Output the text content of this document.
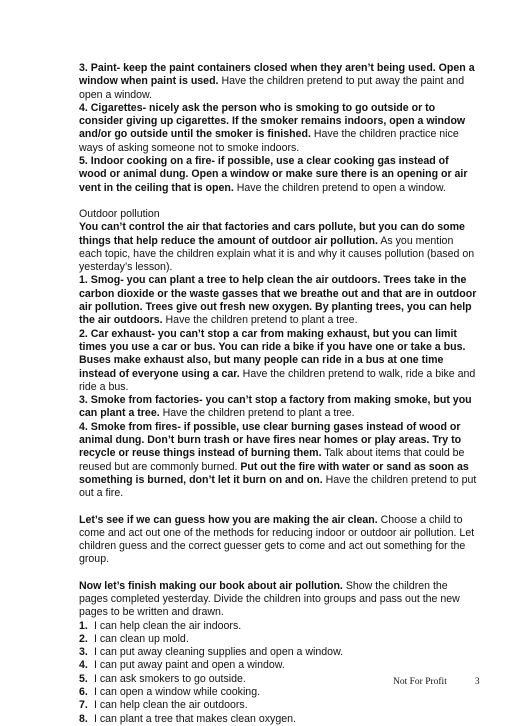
3. Paint- keep the paint containers closed when they aren’t being used. Open a window when paint is used. Have the children pretend to put away the paint and open a window.

4. Cigarettes- nicely ask the person who is smoking to go outside or to consider giving up cigarettes. If the smoker remains indoors, open a window and/or go outside until the smoker is finished. Have the children practice nice ways of asking someone not to smoke indoors.

5. Indoor cooking on a fire- if possible, use a clear cooking gas instead of wood or animal dung. Open a window or make sure there is an opening or air vent in the ceiling that is open. Have the children pretend to open a window.

Outdoor pollution

You can’t control the air that factories and cars pollute, but you can do some things that help reduce the amount of outdoor air pollution. As you mention each topic, have the children explain what it is and why it causes pollution (based on yesterday’s lesson).

1. Smog- you can plant a tree to help clean the air outdoors. Trees take in the carbon dioxide or the waste gasses that we breathe out and that are in outdoor air pollution. Trees give out fresh new oxygen. By planting trees, you can help the air outdoors. Have the children pretend to plant a tree.

2. Car exhaust- you can’t stop a car from making exhaust, but you can limit times you use a car or bus. You can ride a bike if you have one or take a bus. Buses make exhaust also, but many people can ride in a bus at one time instead of everyone using a car. Have the children pretend to walk, ride a bike and ride a bus.

3. Smoke from factories- you can’t stop a factory from making smoke, but you can plant a tree. Have the children pretend to plant a tree.

4. Smoke from fires- if possible, use clear burning gases instead of wood or animal dung. Don’t burn trash or have fires near homes or play areas. Try to recycle or reuse things instead of burning them. Talk about items that could be reused but are commonly burned. Put out the fire with water or sand as soon as something is burned, don’t let it burn on and on. Have the children pretend to put out a fire.

Let’s see if we can guess how you are making the air clean. Choose a child to come and act out one of the methods for reducing indoor or outdoor air pollution. Let children guess and the correct guesser gets to come and act out something for the group.

Now let’s finish making our book about air pollution. Show the children the pages completed yesterday. Divide the children into groups and pass out the new pages to be written and drawn.

1. I can help clean the air indoors.

2. I can clean up mold.

3. I can put away cleaning supplies and open a window.

4. I can put away paint and open a window.

5. I can ask smokers to go outside.

6. I can open a window while cooking.

7. I can help clean the air outdoors.

8. I can plant a tree that makes clean oxygen.

Not For Profit	3
